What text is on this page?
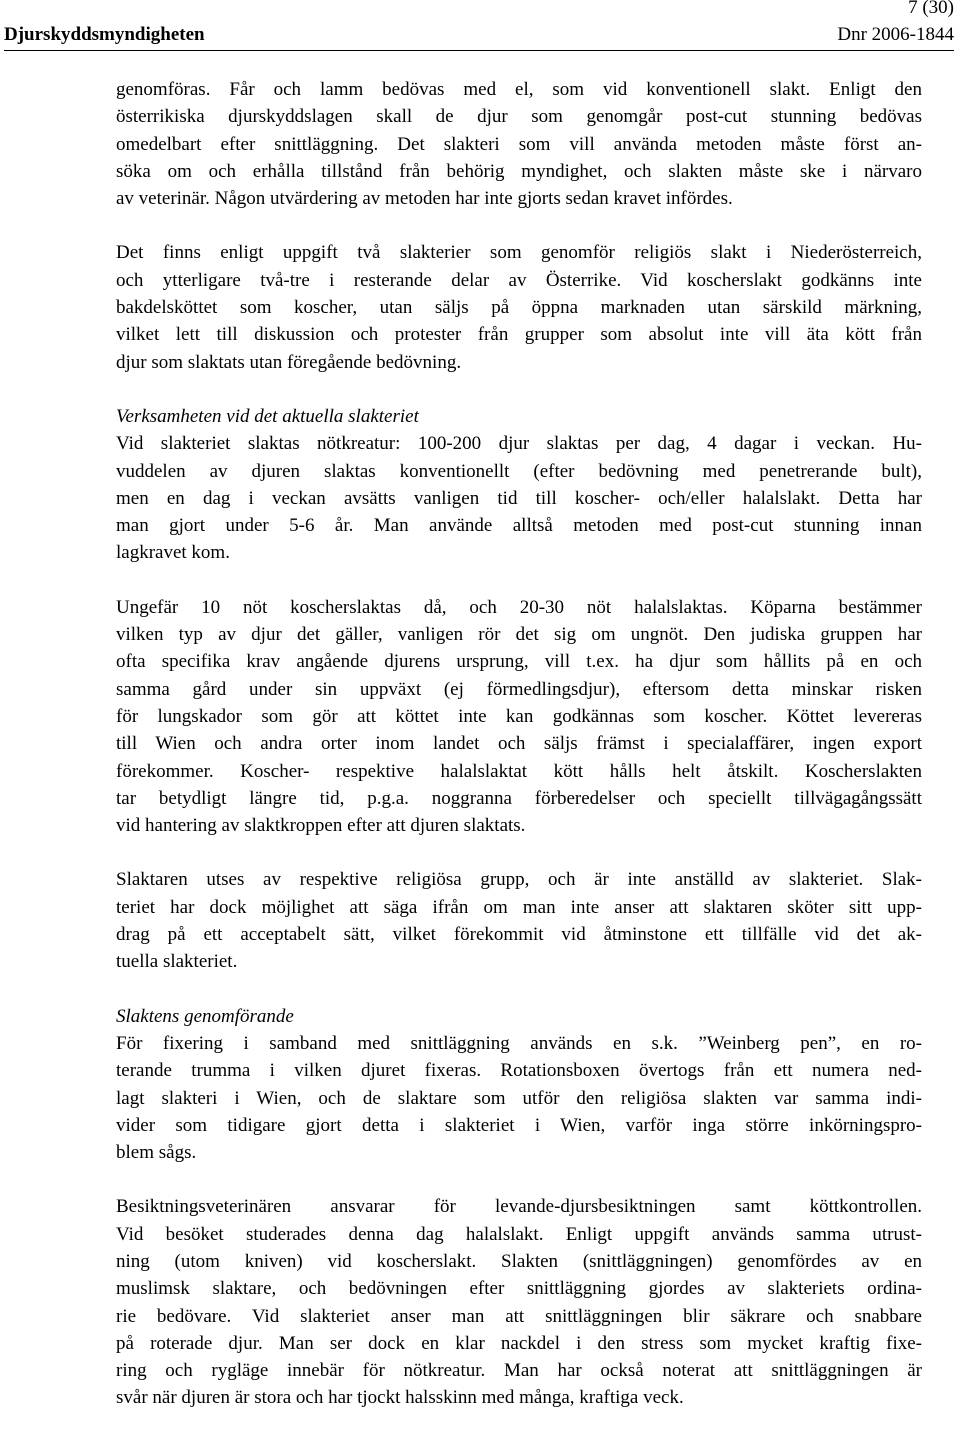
7 (30)
Djurskyddsmyndigheten	Dnr 2006-1844
genomföras. Får och lamm bedövas med el, som vid konventionell slakt. Enligt den
österrikiska djurskyddslagen skall de djur som genomgår post-cut stunning bedövas
omedelbart efter snittläggning. Det slakteri som vill använda metoden måste först an-
söka om och erhålla tillstånd från behörig myndighet, och slakten måste ske i närvaro
av veterinär. Någon utvärdering av metoden har inte gjorts sedan kravet infördes.
Det finns enligt uppgift två slakterier som genomför religiös slakt i Niederösterreich,
och ytterligare två-tre i resterande delar av Österrike. Vid koscherslakt godkänns inte
bakdelsköttet som koscher, utan säljs på öppna marknaden utan särskild märkning,
vilket lett till diskussion och protester från grupper som absolut inte vill äta kött från
djur som slaktats utan föregående bedövning.
Verksamheten vid det aktuella slakteriet
Vid slakteriet slaktas nötkreatur: 100-200 djur slaktas per dag, 4 dagar i veckan. Hu-
vuddelen av djuren slaktas konventionellt (efter bedövning med penetrerande bult),
men en dag i veckan avsätts vanligen tid till koscher- och/eller halalslakt. Detta har
man gjort under 5-6 år. Man använde alltså metoden med post-cut stunning innan
lagkravet kom.
Ungefär 10 nöt koscherslaktas då, och 20-30 nöt halalslaktas. Köparna bestämmer
vilken typ av djur det gäller, vanligen rör det sig om ungnöt. Den judiska gruppen har
ofta specifika krav angående djurens ursprung, vill t.ex. ha djur som hållits på en och
samma gård under sin uppväxt (ej förmedlingsdjur), eftersom detta minskar risken
för lungskador som gör att köttet inte kan godkännas som koscher. Köttet levereras
till Wien och andra orter inom landet och säljs främst i specialaffärer, ingen export
förekommer. Koscher- respektive halalslaktat kött hålls helt åtskilt. Koscherslakten
tar betydligt längre tid, p.g.a. noggranna förberedelser och speciellt tillvägagångssätt
vid hantering av slaktkroppen efter att djuren slaktats.
Slaktaren utses av respektive religiösa grupp, och är inte anställd av slakteriet. Slak-
teriet har dock möjlighet att säga ifrån om man inte anser att slaktaren sköter sitt upp-
drag på ett acceptabelt sätt, vilket förekommit vid åtminstone ett tillfälle vid det ak-
tuella slakteriet.
Slaktens genomförande
För fixering i samband med snittläggning används en s.k. ”Weinberg pen”, en ro-
terande trumma i vilken djuret fixeras. Rotationsboxen övertogs från ett numera ned-
lagt slakteri i Wien, och de slaktare som utför den religiösa slakten var samma indi-
vider som tidigare gjort detta i slakteriet i Wien, varför inga större inkörningspro-
blem sågs.
Besiktningsveterinären ansvarar för levande-djursbesiktningen samt köttkontrollen.
Vid besöket studerades denna dag halalslakt. Enligt uppgift används samma utrust-
ning (utom kniven) vid koscherslakt. Slakten (snittläggningen) genomfördes av en
muslimsk slaktare, och bedövningen efter snittläggning gjordes av slakteriets ordina-
rie bedövare. Vid slakteriet anser man att snittläggningen blir säkrare och snabbare
på roterade djur. Man ser dock en klar nackdel i den stress som mycket kraftig fixe-
ring och rygläge innebär för nötkreatur. Man har också noterat att snittläggningen är
svår när djuren är stora och har tjockt halsskinn med många, kraftiga veck.
